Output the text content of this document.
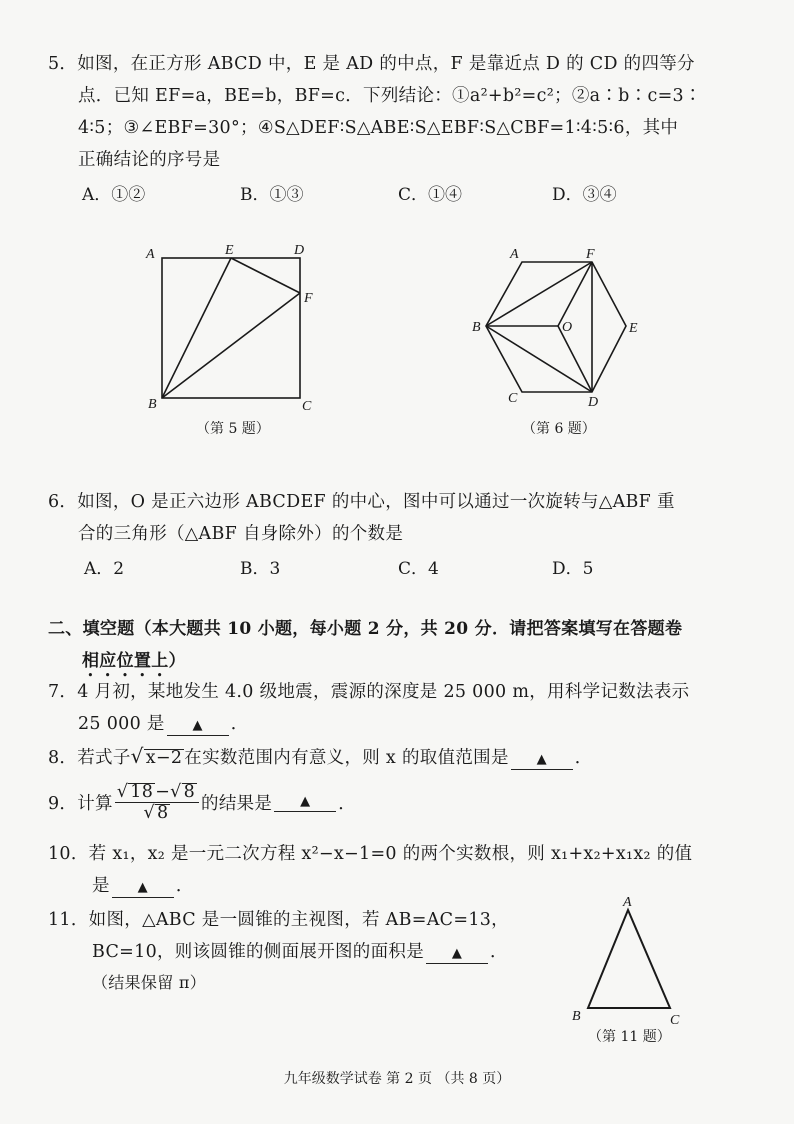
5．如图，在正方形 ABCD 中，E 是 AD 的中点，F 是靠近点 D 的 CD 的四等分
点．已知 EF=a，BE=b，BF=c．下列结论：①a²+b²=c²；②a∶b∶c=3∶
4∶5；③∠EBF=30°；④S△DEF∶S△ABE∶S△EBF∶S△CBF=1∶4∶5∶6，其中
正确结论的序号是
A．①②	B．①③	C．①④	D．③④
A	E	D
F
B	C
（第 5 题）
A	F
B	O	E
C	D
（第 6 题）
6．如图，O 是正六边形 ABCDEF 的中心，图中可以通过一次旋转与△ABF 重
合的三角形（△ABF 自身除外）的个数是
A．2	B．3	C．4	D．5
二、填空题（本大题共 10 小题，每小题 2 分，共 20 分．请把答案填写在答题卷
相应位置上）
7．4 月初，某地发生 4.0 级地震，震源的深度是 25 000 m，用科学记数法表示
25 000 是 ▲ ．
8．若式子√ x−2 在实数范围内有意义，则 x 的取值范围是 ▲ ．
9．计算 $\frac{√ 18 -√ 8}{√ 8}$ 的结果是 ▲ ．
10．若 x₁，x₂ 是一元二次方程 x²−x−1=0 的两个实数根，则 x₁+x₂+x₁x₂ 的值
是 ▲ ．
11．如图，△ABC 是一圆锥的主视图，若 AB=AC=13，
BC=10，则该圆锥的侧面展开图的面积是 ▲ ．
（结果保留 π）
A
B	C
（第 11 题）
九年级数学试卷 第 2 页 （共 8 页）
